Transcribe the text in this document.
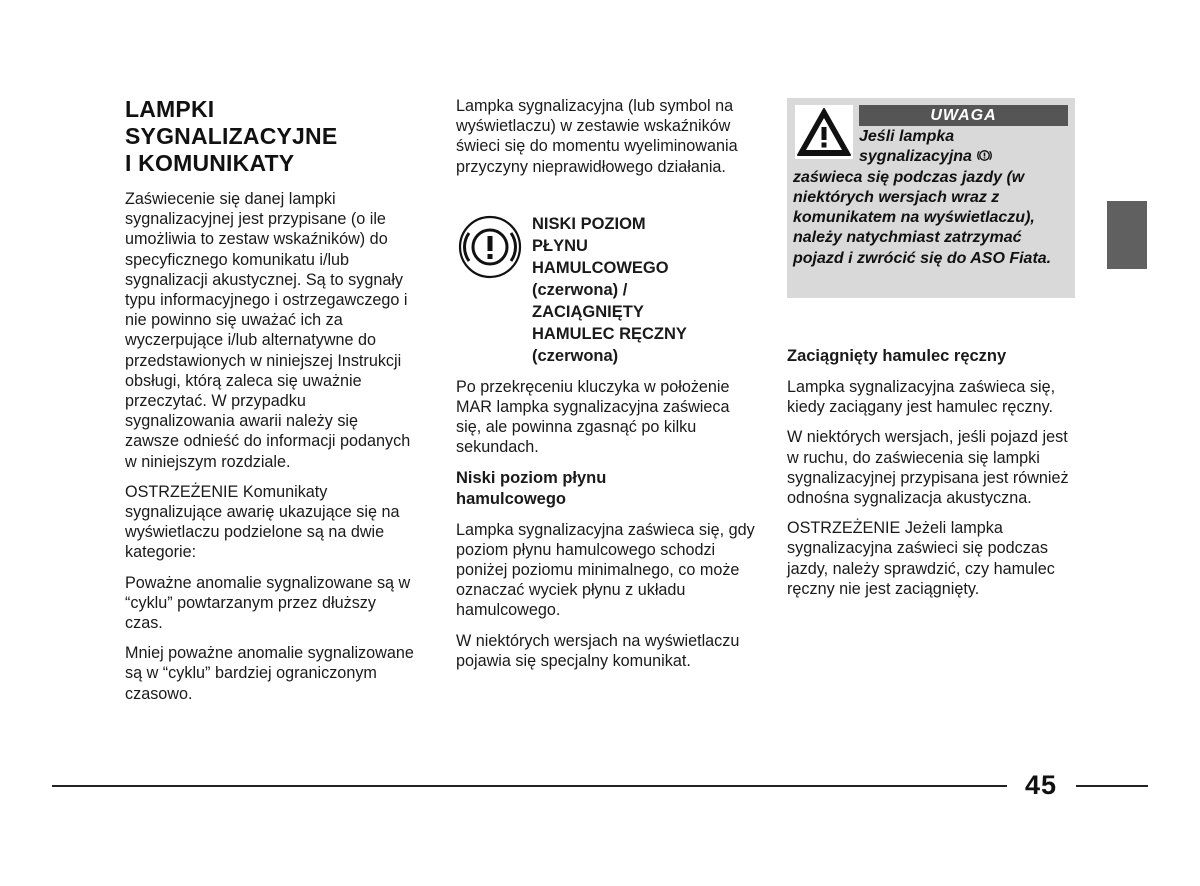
LAMPKI
SYGNALIZACYJNE
I KOMUNIKATY

Zaświecenie się danej lampki sygnalizacyjnej jest przypisane (o ile umożliwia to zestaw wskaźników) do specyficznego komunikatu i/lub sygnalizacji akustycznej. Są to sygnały typu informacyjnego i ostrzegawczego i nie powinno się uważać ich za wyczerpujące i/lub alternatywne do przedstawionych w niniejszej Instrukcji obsługi, którą zaleca się uważnie przeczytać. W przypadku sygnalizowania awarii należy się zawsze odnieść do informacji podanych w niniejszym rozdziale.

OSTRZEŻENIE Komunikaty sygnalizujące awarię ukazujące się na wyświetlaczu podzielone są na dwie kategorie:

Poważne anomalie sygnalizowane są w “cyklu” powtarzanym przez dłuższy czas.

Mniej poważne anomalie sygnalizowane są w “cyklu” bardziej ograniczonym czasowo.

Lampka sygnalizacyjna (lub symbol na wyświetlaczu) w zestawie wskaźników świeci się do momentu wyeliminowania przyczyny nieprawidłowego działania.

NISKI POZIOM
PŁYNU
HAMULCOWEGO
(czerwona) /
ZACIĄGNIĘTY
HAMULEC RĘCZNY
(czerwona)

Po przekręceniu kluczyka w położenie MAR lampka sygnalizacyjna zaświeca się, ale powinna zgasnąć po kilku sekundach.

Niski poziom płynu
hamulcowego

Lampka sygnalizacyjna zaświeca się, gdy poziom płynu hamulcowego schodzi poniżej poziomu minimalnego, co może oznaczać wyciek płynu z układu hamulcowego.

W niektórych wersjach na wyświetlaczu pojawia się specjalny komunikat.

UWAGA
Jeśli lampka
sygnalizacyjna
zaświeca się podczas jazdy (w niektórych wersjach wraz z komunikatem na wyświetlaczu), należy natychmiast zatrzymać pojazd i zwrócić się do ASO Fiata.
Zaciągnięty hamulec ręczny

Lampka sygnalizacyjna zaświeca się, kiedy zaciągany jest hamulec ręczny.

W niektórych wersjach, jeśli pojazd jest w ruchu, do zaświecenia się lampki sygnalizacyjnej przypisana jest również odnośna sygnalizacja akustyczna.

OSTRZEŻENIE Jeżeli lampka sygnalizacyjna zaświeci się podczas jazdy, należy sprawdzić, czy hamulec ręczny nie jest zaciągnięty.

45
